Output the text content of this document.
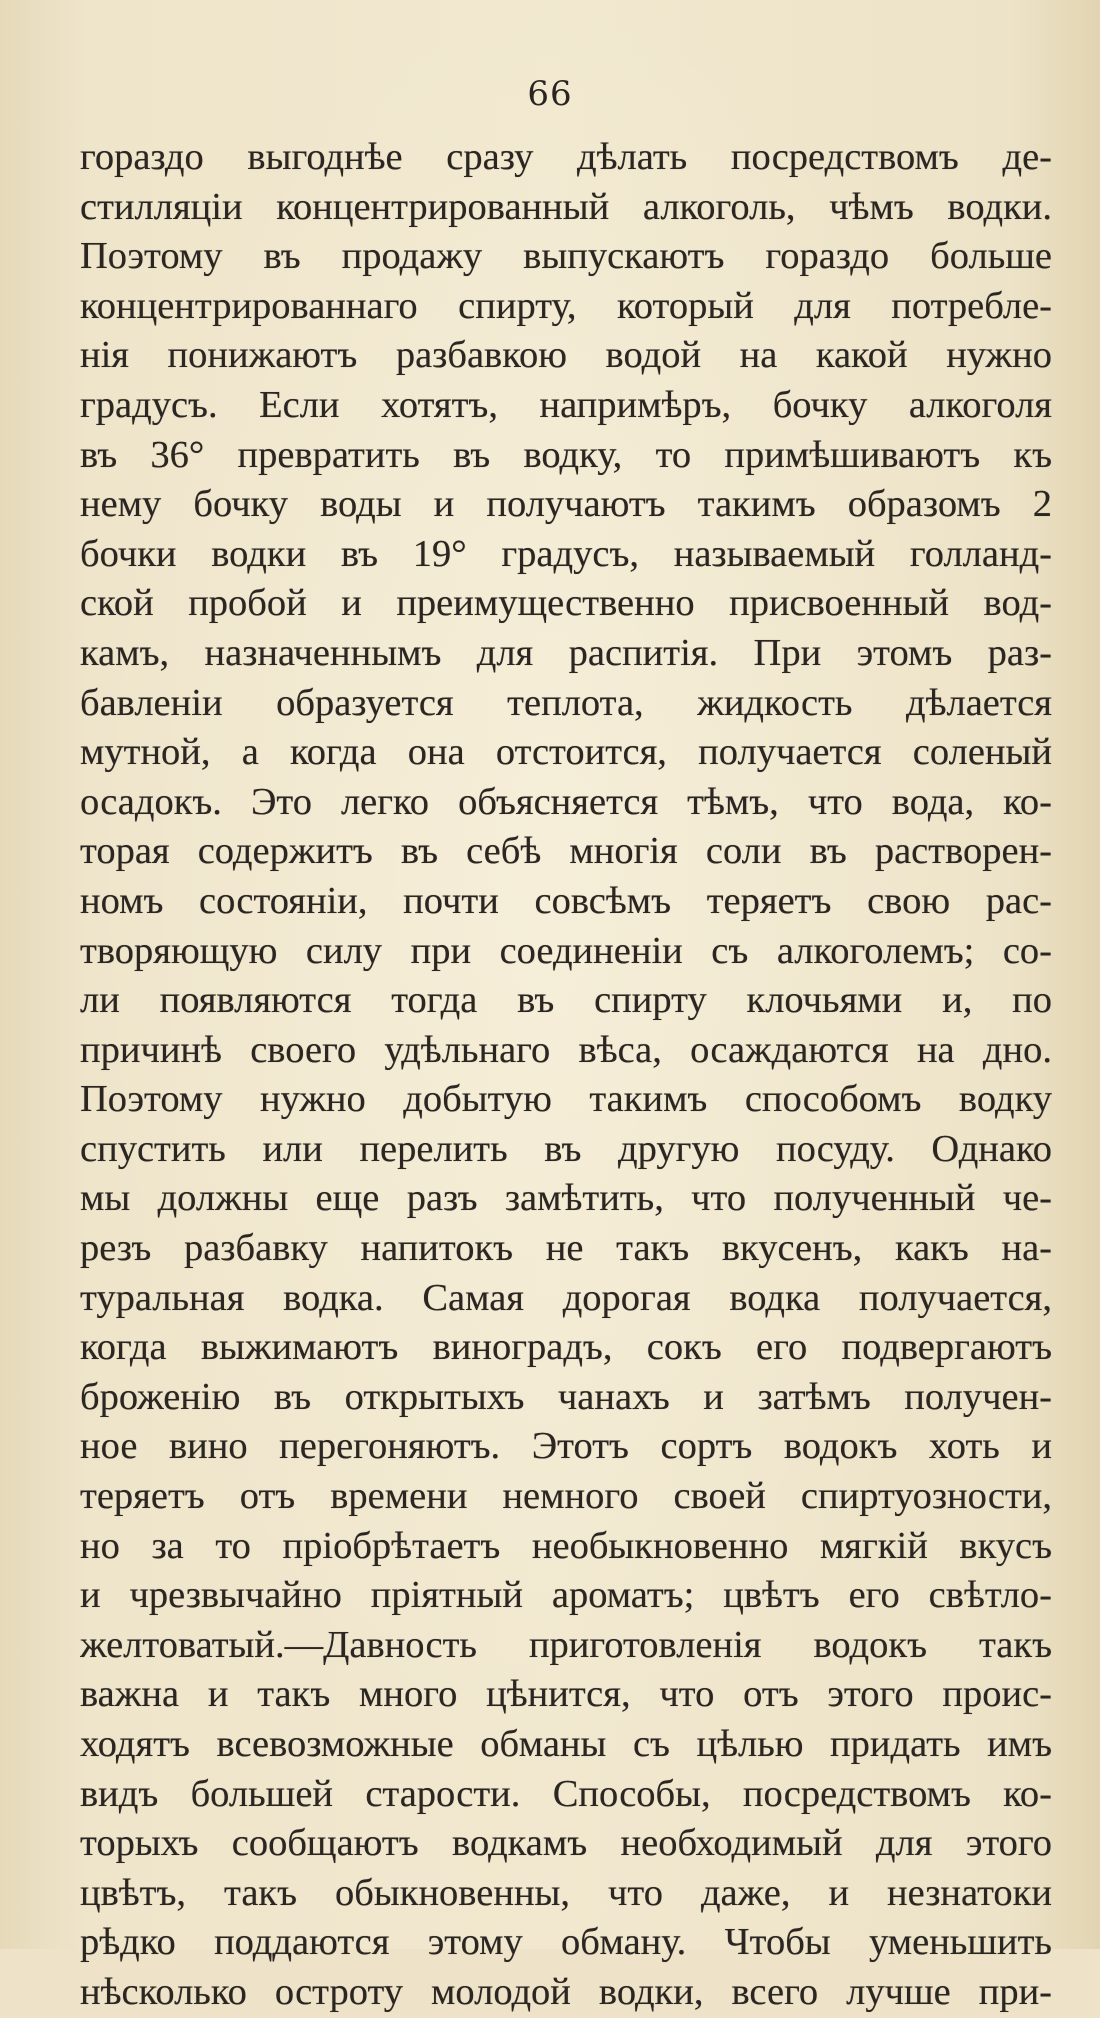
66
гораздо выгоднѣе сразу дѣлать посредствомъ де-
стилляціи концентрированный алкоголь, чѣмъ водки.
Поэтому въ продажу выпускаютъ гораздо больше
концентрированнаго спирту, который для потребле-
нія понижаютъ разбавкою водой на какой нужно
градусъ. Если хотятъ, напримѣръ, бочку алкоголя
въ 36° превратить въ водку, то примѣшиваютъ къ
нему бочку воды и получаютъ такимъ образомъ 2
бочки водки въ 19° градусъ, называемый голланд-
ской пробой и преимущественно присвоенный вод-
камъ, назначеннымъ для распитія. При этомъ раз-
бавленіи образуется теплота, жидкость дѣлается
мутной, а когда она отстоится, получается соленый
осадокъ. Это легко объясняется тѣмъ, что вода, ко-
торая содержитъ въ себѣ многія соли въ растворен-
номъ состояніи, почти совсѣмъ теряетъ свою рас-
творяющую силу при соединеніи съ алкоголемъ; со-
ли появляются тогда въ спирту клочьями и, по
причинѣ своего удѣльнаго вѣса, осаждаются на дно.
Поэтому нужно добытую такимъ способомъ водку
спустить или перелить въ другую посуду. Однако
мы должны еще разъ замѣтить, что полученный че-
резъ разбавку напитокъ не такъ вкусенъ, какъ на-
туральная водка. Самая дорогая водка получается,
когда выжимаютъ виноградъ, сокъ его подвергаютъ
броженію въ открытыхъ чанахъ и затѣмъ получен-
ное вино перегоняютъ. Этотъ сортъ водокъ хоть и
теряетъ отъ времени немного своей спиртуозности,
но за то пріобрѣтаетъ необыкновенно мягкій вкусъ
и чрезвычайно пріятный ароматъ; цвѣтъ его свѣтло-
желтоватый.—Давность приготовленія водокъ такъ
важна и такъ много цѣнится, что отъ этого проис-
ходятъ всевозможные обманы съ цѣлью придать имъ
видъ большей старости. Способы, посредствомъ ко-
торыхъ сообщаютъ водкамъ необходимый для этого
цвѣтъ, такъ обыкновенны, что даже, и незнатоки
рѣдко поддаются этому обману. Чтобы уменьшить
нѣсколько остроту молодой водки, всего лучше при-
